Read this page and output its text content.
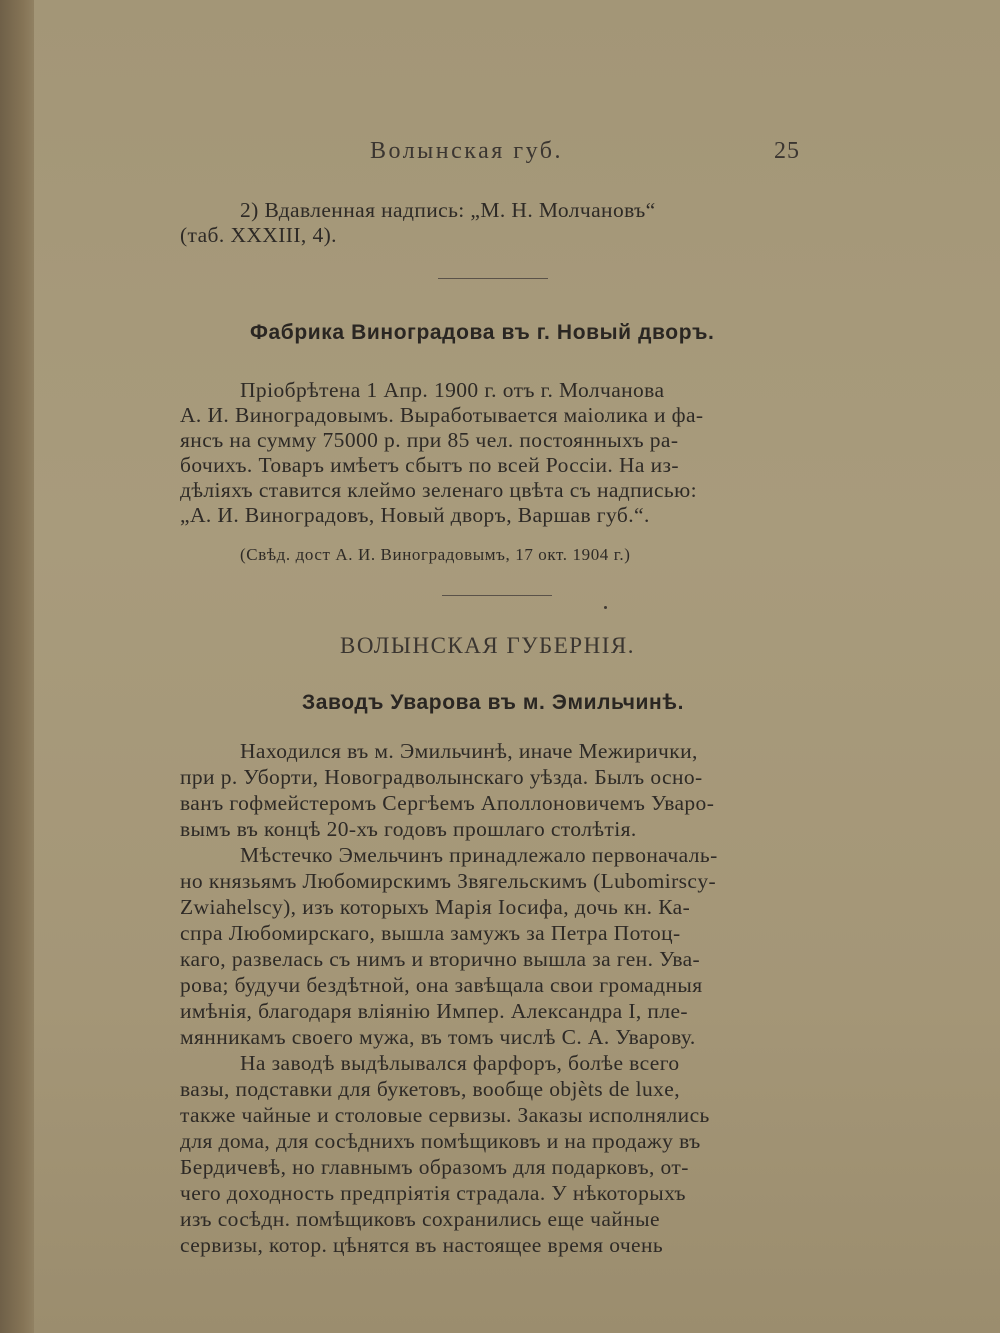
Волынская губ.	25
2) Вдавленная надпись: „М. Н. Молчановъ“
(таб. XXXIII, 4).
Фабрика Виноградова въ г. Новый дворъ.
Пріобрѣтена 1 Апр. 1900 г. отъ г. Молчанова
А. И. Виноградовымъ. Выработывается маіолика и фа-
янсъ на сумму 75000 р. при 85 чел. постоянныхъ ра-
бочихъ. Товаръ имѣетъ сбытъ по всей Россіи. На из-
дѣліяхъ ставится клеймо зеленаго цвѣта съ надписью:
„А. И. Виноградовъ, Новый дворъ, Варшав губ.“.
(Свѣд. дост А. И. Виноградовымъ, 17 окт. 1904 г.)
ВОЛЫНСКАЯ ГУБЕРНІЯ.
Заводъ Уварова въ м. Эмильчинѣ.
Находился въ м. Эмильчинѣ, иначе Межирички,
при р. Уборти, Новоградволынскаго уѣзда. Былъ осно-
ванъ гофмейстеромъ Сергѣемъ Аполлоновичемъ Уваро-
вымъ въ концѣ 20-хъ годовъ прошлаго столѣтія.
Мѣстечко Эмельчинъ принадлежало первоначаль-
но князьямъ Любомирскимъ Звягельскимъ (Lubomirscy-
Zwiahelscy), изъ которыхъ Марія Іосифа, дочь кн. Ка-
спра Любомирскаго, вышла замужъ за Петра Потоц-
каго, развелась съ нимъ и вторично вышла за ген. Ува-
рова; будучи бездѣтной, она завѣщала свои громадныя
имѣнія, благодаря вліянію Импер. Александра I, пле-
мянникамъ своего мужа, въ томъ числѣ С. А. Уварову.
На заводѣ выдѣлывался фарфоръ, болѣе всего
вазы, подставки для букетовъ, вообще objèts de luxe,
также чайные и столовые сервизы. Заказы исполнялись
для дома, для сосѣднихъ помѣщиковъ и на продажу въ
Бердичевѣ, но главнымъ образомъ для подарковъ, от-
чего доходность предпріятія страдала. У нѣкоторыхъ
изъ сосѣдн. помѣщиковъ сохранились еще чайные
сервизы, котор. цѣнятся въ настоящее время очень
